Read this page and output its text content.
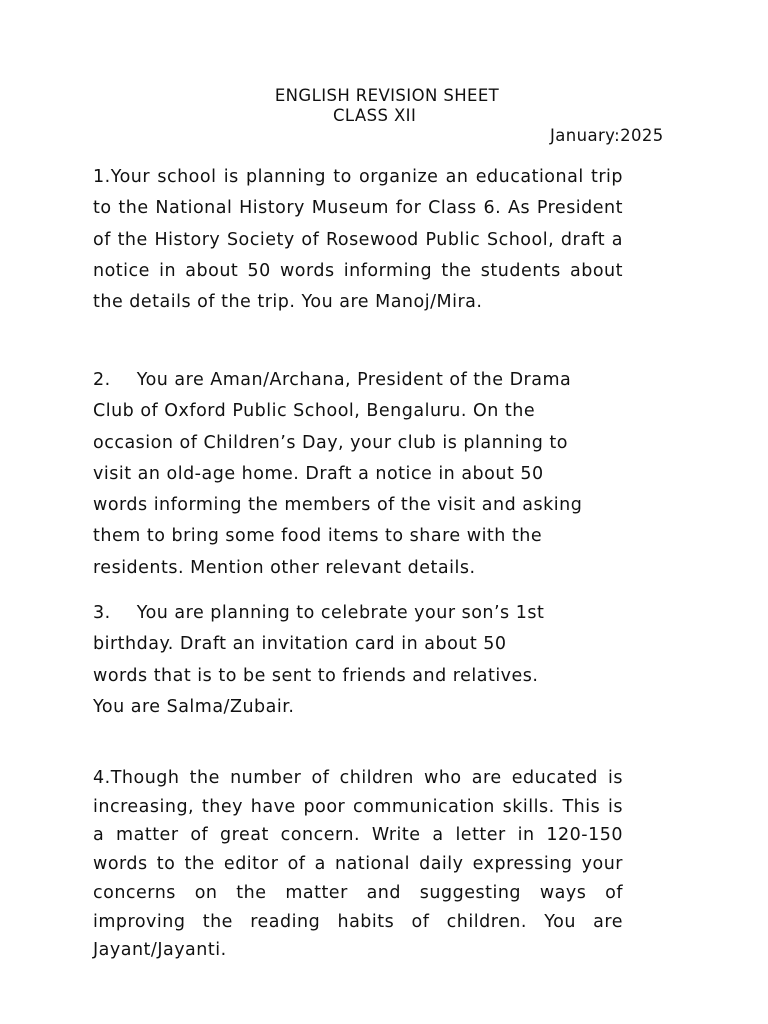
ENGLISH REVISION SHEET
CLASS XII
January:2025

1.Your school is planning to organize an educational trip to the National History Museum for Class 6. As President of the History Society of Rosewood Public School, draft a notice in about 50 words informing the students about the details of the trip. You are Manoj/Mira.

2. You are Aman/Archana, President of the Drama
Club of Oxford Public School, Bengaluru. On the
occasion of Children’s Day, your club is planning to
visit an old-age home. Draft a notice in about 50
words informing the members of the visit and asking
them to bring some food items to share with the
residents. Mention other relevant details.
3. You are planning to celebrate your son’s 1st
birthday. Draft an invitation card in about 50
words that is to be sent to friends and relatives.
You are Salma/Zubair.

4.Though the number of children who are educated is increasing, they have poor communication skills. This is a matter of great concern. Write a letter in 120-150 words to the editor of a national daily expressing your concerns on the matter and suggesting ways of improving the reading habits of children. You are Jayant/Jayanti.
